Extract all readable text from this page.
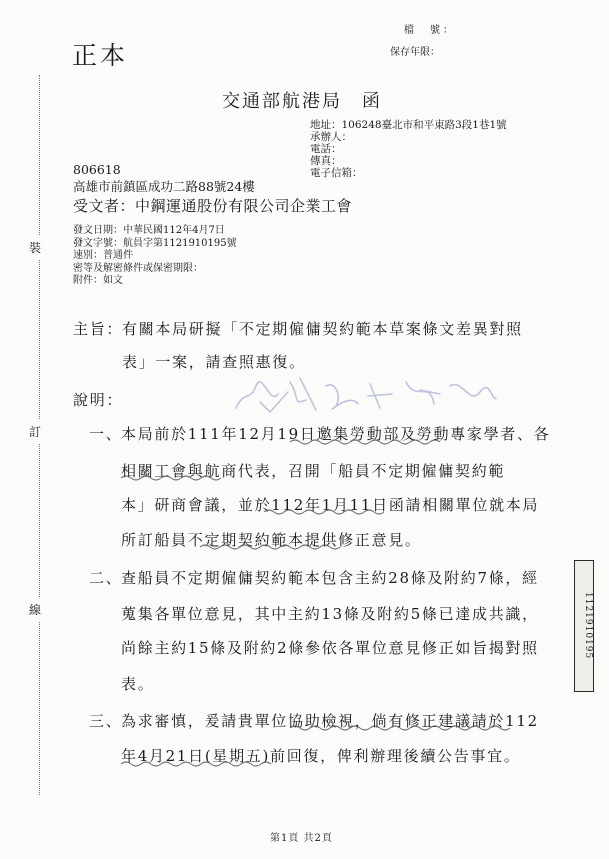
正本
檔　號：
保存年限：
交通部航港局　函
地址：106248臺北市和平東路3段1巷1號
承辦人：
電話：
傳真：
電子信箱：
806618
高雄市前鎮區成功二路88號24樓
受文者：中鋼運通股份有限公司企業工會
發文日期：中華民國112年4月7日
發文字號：航員字第1121910195號
速別：普通件
密等及解密條件或保密期限：
附件：如文
裝
訂
線
主旨：
有關本局研擬「不定期僱傭契約範本草案條文差異對照
表」一案，請查照惠復。
說明：
一、
本局前於111年12月19日邀集勞動部及勞動專家學者、各
相關工會與航商代表，召開「船員不定期僱傭契約範
本」研商會議，並於112年1月11日函請相關單位就本局
所訂船員不定期契約範本提供修正意見。
二、
查船員不定期僱傭契約範本包含主約28條及附約7條，經
蒐集各單位意見，其中主約13條及附約5條已達成共識，
尚餘主約15條及附約2條參依各單位意見修正如旨揭對照
表。
三、
為求審慎，爰請貴單位協助檢視，倘有修正建議請於112
年4月21日(星期五)前回復，俾利辦理後續公告事宜。
1121910195
第1頁 共2頁
